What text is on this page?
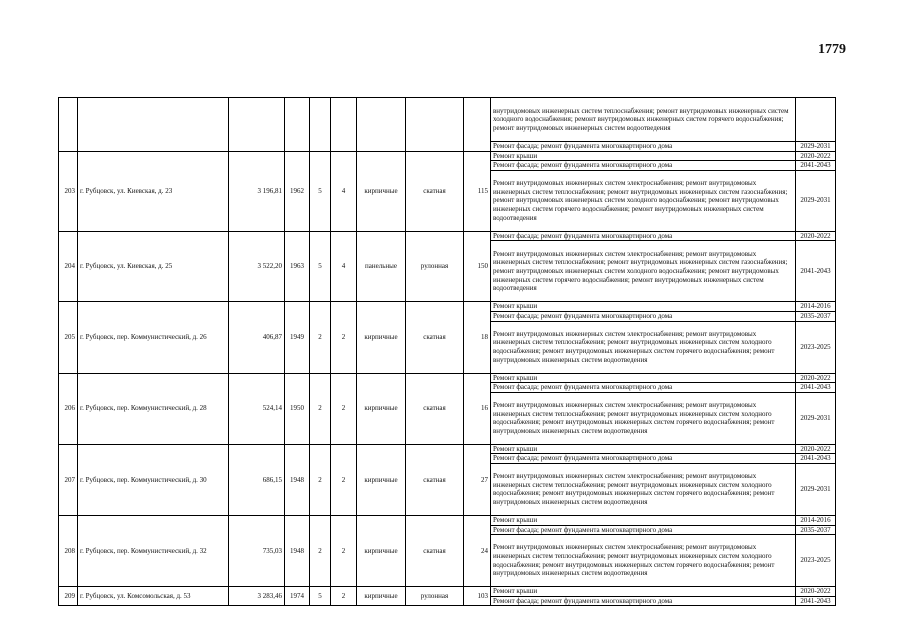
1779
									внутридомовых инженерных систем теплоснабжения; ремонт внутридомовых инженерных систем холодного водоснабжения; ремонт внутридомовых инженерных систем горячего водоснабжения; ремонт внутридомовых инженерных систем водоотведения	
									Ремонт фасада; ремонт фундамента многоквартирного дома	2029-2031
203	г. Рубцовск, ул. Киевская, д. 23	3 196,81	1962	5	4	кирпичные	скатная	115	Ремонт крыши	2020-2022
									Ремонт фасада; ремонт фундамента многоквартирного дома	2041-2043
									Ремонт внутридомовых инженерных систем электроснабжения; ремонт внутридомовых инженерных систем теплоснабжения; ремонт внутридомовых инженерных систем газоснабжения; ремонт внутридомовых инженерных систем холодного водоснабжения; ремонт внутридомовых инженерных систем горячего водоснабжения; ремонт внутридомовых инженерных систем водоотведения	2029-2031
204	г. Рубцовск, ул. Киевская, д. 25	3 522,20	1963	5	4	панельные	рулонная	150	Ремонт фасада; ремонт фундамента многоквартирного дома	2020-2022
									Ремонт внутридомовых инженерных систем электроснабжения; ремонт внутридомовых инженерных систем теплоснабжения; ремонт внутридомовых инженерных систем газоснабжения; ремонт внутридомовых инженерных систем холодного водоснабжения; ремонт внутридомовых инженерных систем горячего водоснабжения; ремонт внутридомовых инженерных систем водоотведения	2041-2043
205	г. Рубцовск, пер. Коммунистический, д. 26	406,87	1949	2	2	кирпичные	скатная	18	Ремонт крыши	2014-2016
									Ремонт фасада; ремонт фундамента многоквартирного дома	2035-2037
									Ремонт внутридомовых инженерных систем электроснабжения; ремонт внутридомовых инженерных систем теплоснабжения; ремонт внутридомовых инженерных систем холодного водоснабжения; ремонт внутридомовых инженерных систем горячего водоснабжения; ремонт внутридомовых инженерных систем водоотведения	2023-2025
206	г. Рубцовск, пер. Коммунистический, д. 28	524,14	1950	2	2	кирпичные	скатная	16	Ремонт крыши	2020-2022
									Ремонт фасада; ремонт фундамента многоквартирного дома	2041-2043
									Ремонт внутридомовых инженерных систем электроснабжения; ремонт внутридомовых инженерных систем теплоснабжения; ремонт внутридомовых инженерных систем холодного водоснабжения; ремонт внутридомовых инженерных систем горячего водоснабжения; ремонт внутридомовых инженерных систем водоотведения	2029-2031
207	г. Рубцовск, пер. Коммунистический, д. 30	686,15	1948	2	2	кирпичные	скатная	27	Ремонт крыши	2020-2022
									Ремонт фасада; ремонт фундамента многоквартирного дома	2041-2043
									Ремонт внутридомовых инженерных систем электроснабжения; ремонт внутридомовых инженерных систем теплоснабжения; ремонт внутридомовых инженерных систем холодного водоснабжения; ремонт внутридомовых инженерных систем горячего водоснабжения; ремонт внутридомовых инженерных систем водоотведения	2029-2031
208	г. Рубцовск, пер. Коммунистический, д. 32	735,03	1948	2	2	кирпичные	скатная	24	Ремонт крыши	2014-2016
									Ремонт фасада; ремонт фундамента многоквартирного дома	2035-2037
									Ремонт внутридомовых инженерных систем электроснабжения; ремонт внутридомовых инженерных систем теплоснабжения; ремонт внутридомовых инженерных систем холодного водоснабжения; ремонт внутридомовых инженерных систем горячего водоснабжения; ремонт внутридомовых инженерных систем водоотведения	2023-2025
209	г. Рубцовск, ул. Комсомольская, д. 53	3 283,46	1974	5	2	кирпичные	рулонная	103	Ремонт крыши	2020-2022
									Ремонт фасада; ремонт фундамента многоквартирного дома	2041-2043
